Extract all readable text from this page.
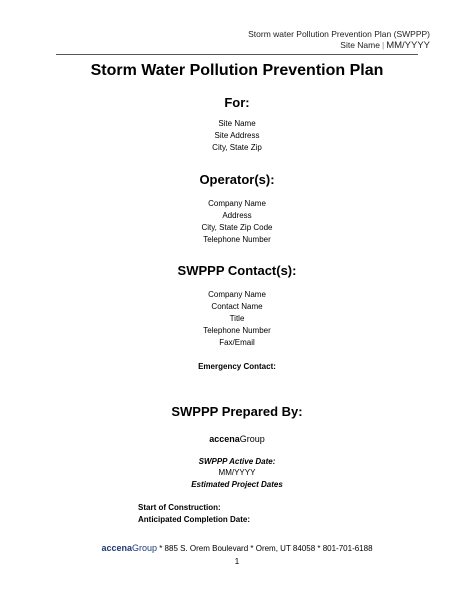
Storm water Pollution Prevention Plan (SWPPP)
Site Name | MM/YYYY
Storm Water Pollution Prevention Plan
For:
Site Name
Site Address
City, State Zip
Operator(s):
Company Name
Address
City, State Zip Code
Telephone Number
SWPPP Contact(s):
Company Name
Contact Name
Title
Telephone Number
Fax/Email
Emergency Contact:
SWPPP Prepared By:
accenaGroup
SWPPP Active Date:
MM/YYYY
Estimated Project Dates
Start of Construction:
Anticipated Completion Date:
accenaGroup * 885 S. Orem Boulevard * Orem, UT 84058 * 801-701-6188
1
